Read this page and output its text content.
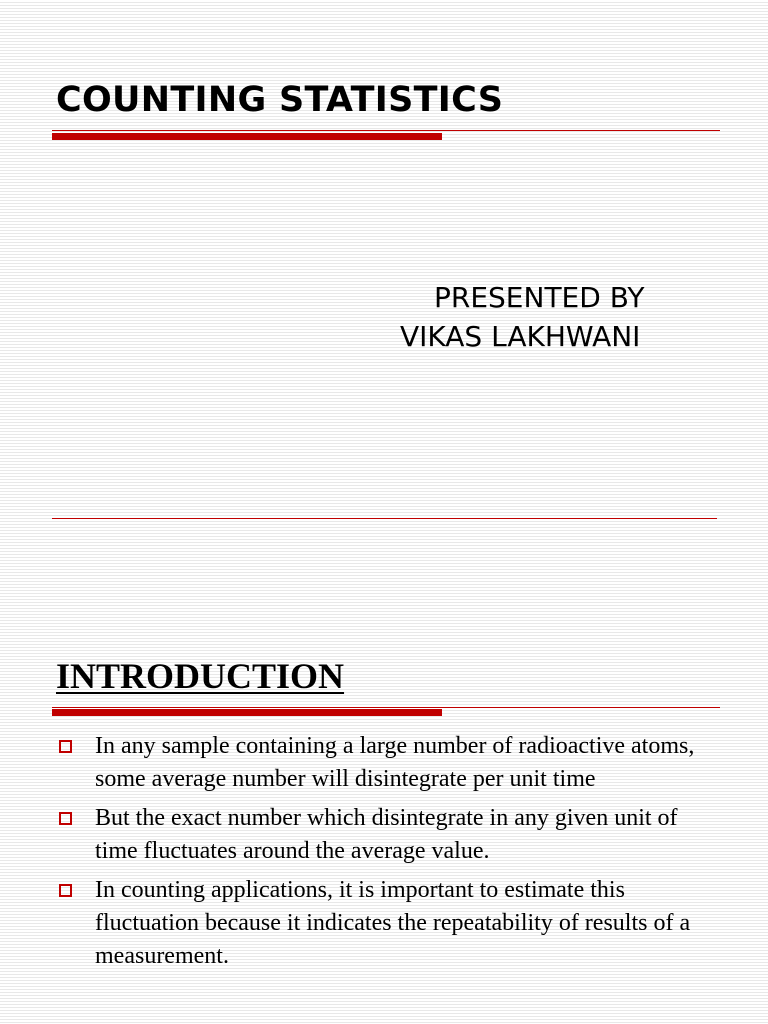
COUNTING STATISTICS
PRESENTED BY
VIKAS LAKHWANI
INTRODUCTION
In any sample containing a large number of radioactive atoms, some average number will disintegrate per unit time
But the exact number which disintegrate in any given unit of time fluctuates around the average value.
In counting applications, it is important to estimate this fluctuation because it indicates the repeatability of results of a measurement.
